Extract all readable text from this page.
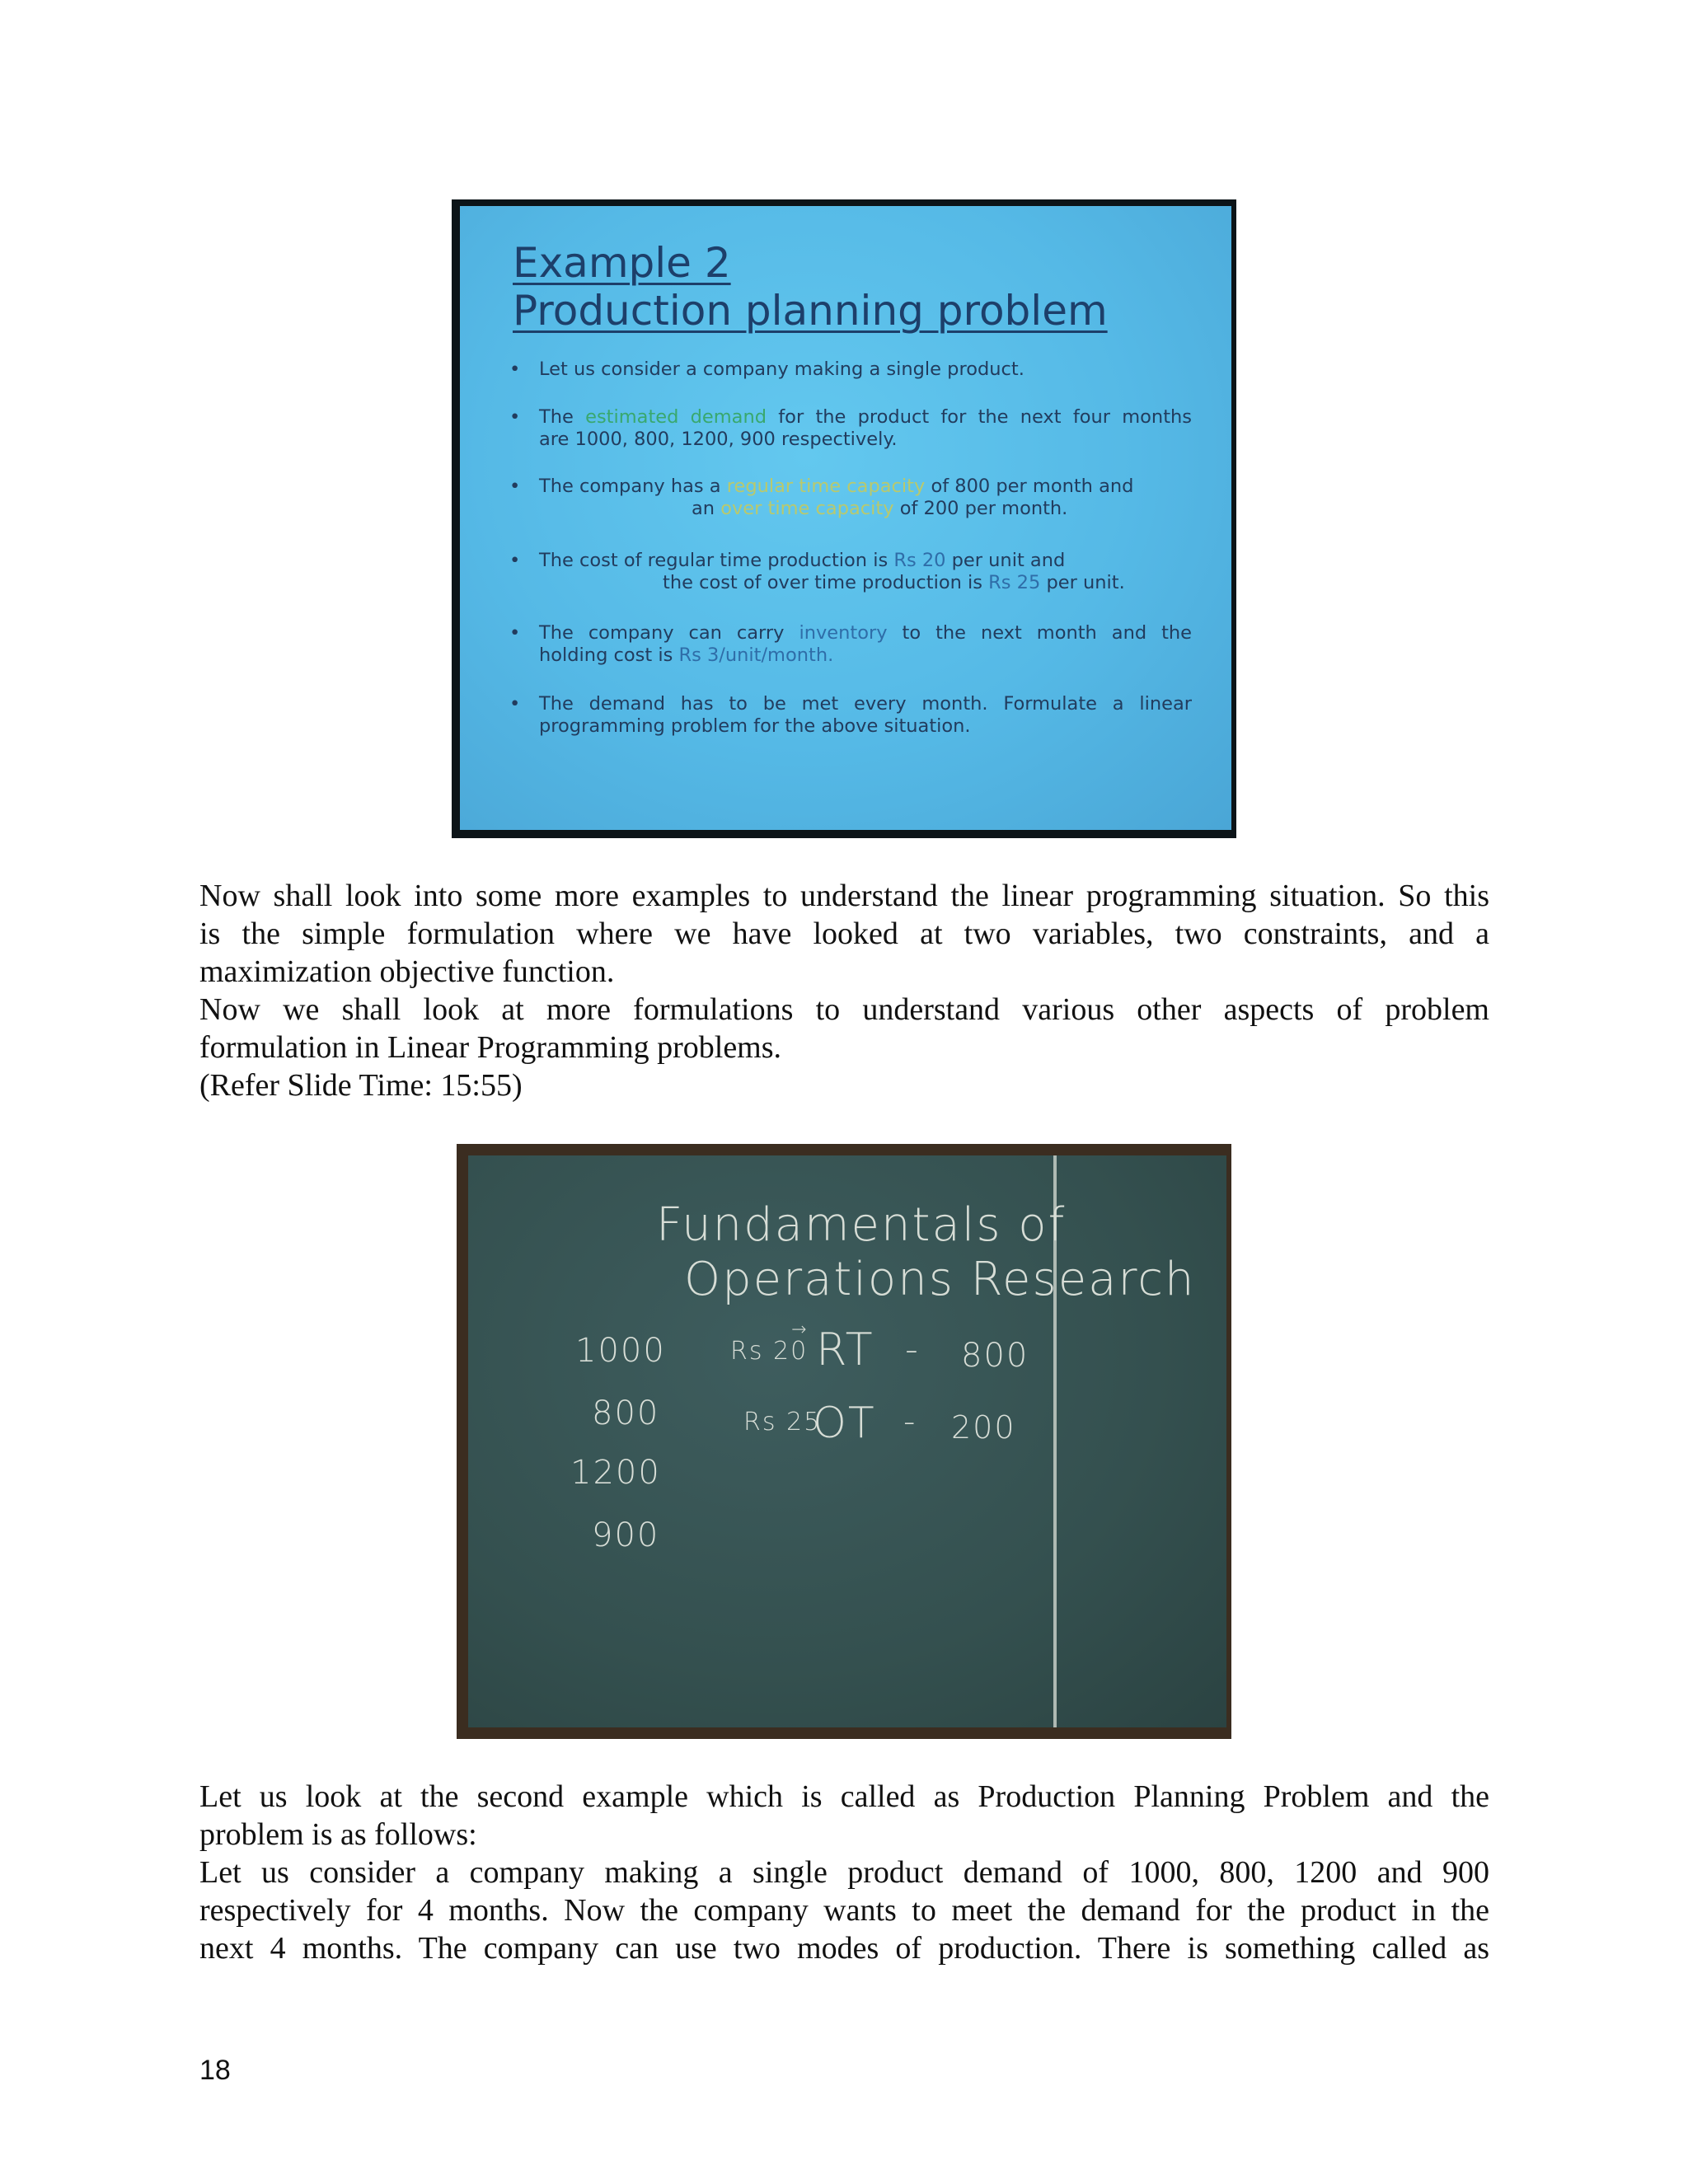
Example 2
Production planning problem
• Let us consider a company making a single product.
• The estimated demand for the product for the next four months
are 1000, 800, 1200, 900 respectively.
• The company has a regular time capacity of 800 per month and
an over time capacity of 200 per month.
• The cost of regular time production is Rs 20 per unit and
the cost of over time production is Rs 25 per unit.
• The company can carry inventory to the next month and the
holding cost is Rs 3/unit/month.
• The demand has to be met every month. Formulate a linear
programming problem for the above situation.
Now shall look into some more examples to understand the linear programming situation. So this
is the simple formulation where we have looked at two variables, two constraints, and a
maximization objective function.
Now we shall look at more formulations to understand various other aspects of problem
formulation in Linear Programming problems.
(Refer Slide Time: 15:55)
Fundamentals of
Operations Research
1000
800
1200
900
Rs 20
→ RT - 800
Rs 25
OT - 200
Let us look at the second example which is called as Production Planning Problem and the
problem is as follows:
Let us consider a company making a single product demand of 1000, 800, 1200 and 900
respectively for 4 months. Now the company wants to meet the demand for the product in the
next 4 months. The company can use two modes of production. There is something called as
18
